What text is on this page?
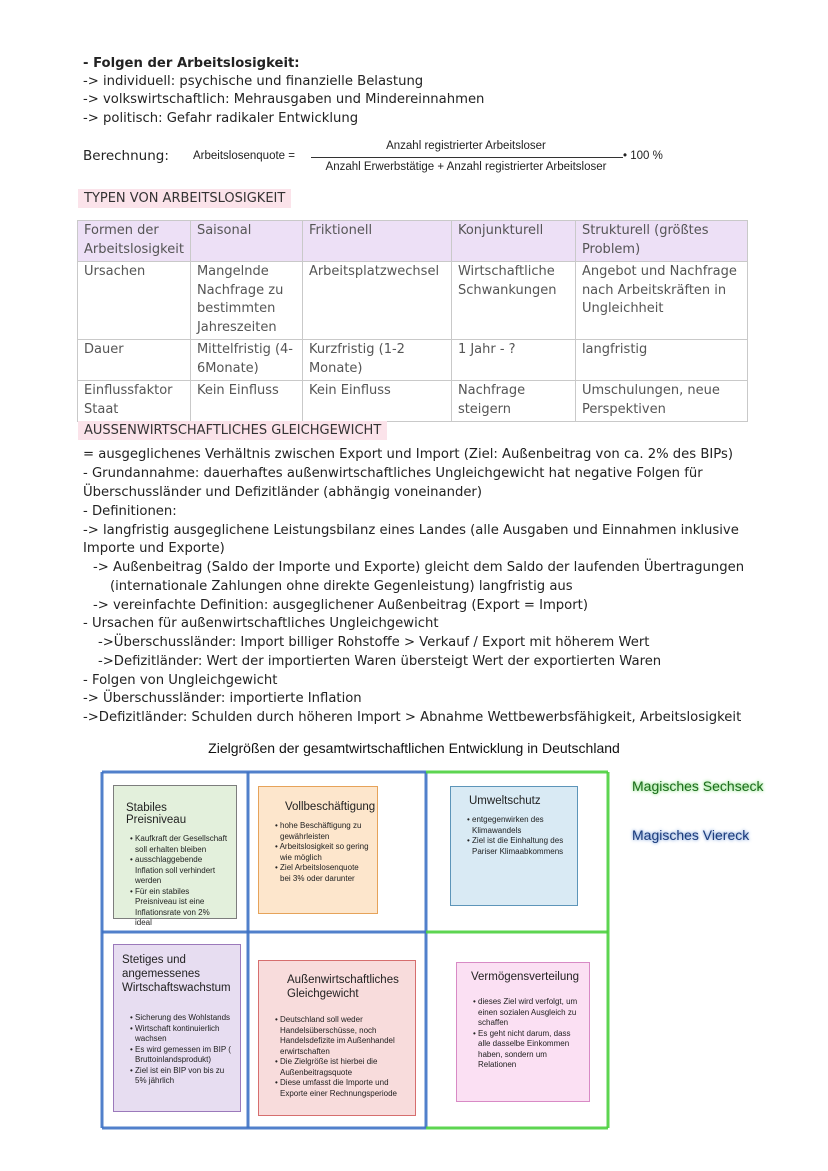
- Folgen der Arbeitslosigkeit:
-> individuell: psychische und finanzielle Belastung
-> volkswirtschaftlich: Mehrausgaben und Mindereinnahmen
-> politisch: Gefahr radikaler Entwicklung
Berechnung: Arbeitslosenquote =
Anzahl registrierter Arbeitsloser
Anzahl Erwerbstätige + Anzahl registrierter Arbeitsloser
• 100 %
TYPEN VON ARBEITSLOSIGKEIT
Formen der Arbeitslosigkeit	Saisonal	Friktionell	Konjunkturell	Strukturell (größtes Problem)
Ursachen	Mangelnde Nachfrage zu bestimmten Jahreszeiten	Arbeitsplatzwechsel	Wirtschaftliche Schwankungen	Angebot und Nachfrage nach Arbeitskräften in Ungleichheit
Dauer	Mittelfristig (4-6Monate)	Kurzfristig (1-2 Monate)	1 Jahr - ?	langfristig
Einflussfaktor Staat	Kein Einfluss	Kein Einfluss	Nachfrage steigern	Umschulungen, neue Perspektiven
AUSSENWIRTSCHAFTLICHES GLEICHGEWICHT
= ausgeglichenes Verhältnis zwischen Export und Import (Ziel: Außenbeitrag von ca. 2% des BIPs)
- Grundannahme: dauerhaftes außenwirtschaftliches Ungleichgewicht hat negative Folgen für
Überschussländer und Defizitländer (abhängig voneinander)
- Definitionen:
-> langfristig ausgeglichene Leistungsbilanz eines Landes (alle Ausgaben und Einnahmen inklusive
Importe und Exporte)
-> Außenbeitrag (Saldo der Importe und Exporte) gleicht dem Saldo der laufenden Übertragungen
(internationale Zahlungen ohne direkte Gegenleistung) langfristig aus
-> vereinfachte Definition: ausgeglichener Außenbeitrag (Export = Import)
- Ursachen für außenwirtschaftliches Ungleichgewicht
->Überschussländer: Import billiger Rohstoffe > Verkauf / Export mit höherem Wert
->Defizitländer: Wert der importierten Waren übersteigt Wert der exportierten Waren
- Folgen von Ungleichgewicht
-> Überschussländer: importierte Inflation
->Defizitländer: Schulden durch höheren Import > Abnahme Wettbewerbsfähigkeit, Arbeitslosigkeit
Zielgrößen der gesamtwirtschaftlichen Entwicklung in Deutschland
Stabiles Preisniveau
• Kaufkraft der Gesellschaft soll erhalten bleiben
• ausschlaggebende Inflation soll verhindert werden
• Für ein stabiles Preisniveau ist eine Inflationsrate von 2% ideal
Vollbeschäftigung
• hohe Beschäftigung zu gewährleisten
• Arbeitslosigkeit so gering wie möglich
• Ziel Arbeitslosenquote bei 3% oder darunter
Umweltschutz
• entgegenwirken des Klimawandels
• Ziel ist die Einhaltung des Pariser Klimaabkommens
Stetiges und angemessenes Wirtschaftswachstum
• Sicherung des Wohlstands
• Wirtschaft kontinuierlich wachsen
• Es wird gemessen im BIP ( Bruttoinlandsprodukt)
• Ziel ist ein BIP von bis zu 5% jährlich
Außenwirtschaftliches Gleichgewicht
• Deutschland soll weder Handelsüberschüsse, noch Handelsdefizite im Außenhandel erwirtschaften
• Die Zielgröße ist hierbei die Außenbeitragsquote
• Diese umfasst die Importe und Exporte einer Rechnungsperiode
Vermögensverteilung
• dieses Ziel wird verfolgt, um einen sozialen Ausgleich zu schaffen
• Es geht nicht darum, dass alle dasselbe Einkommen haben, sondern um Relationen
Magisches Sechseck
Magisches Viereck
